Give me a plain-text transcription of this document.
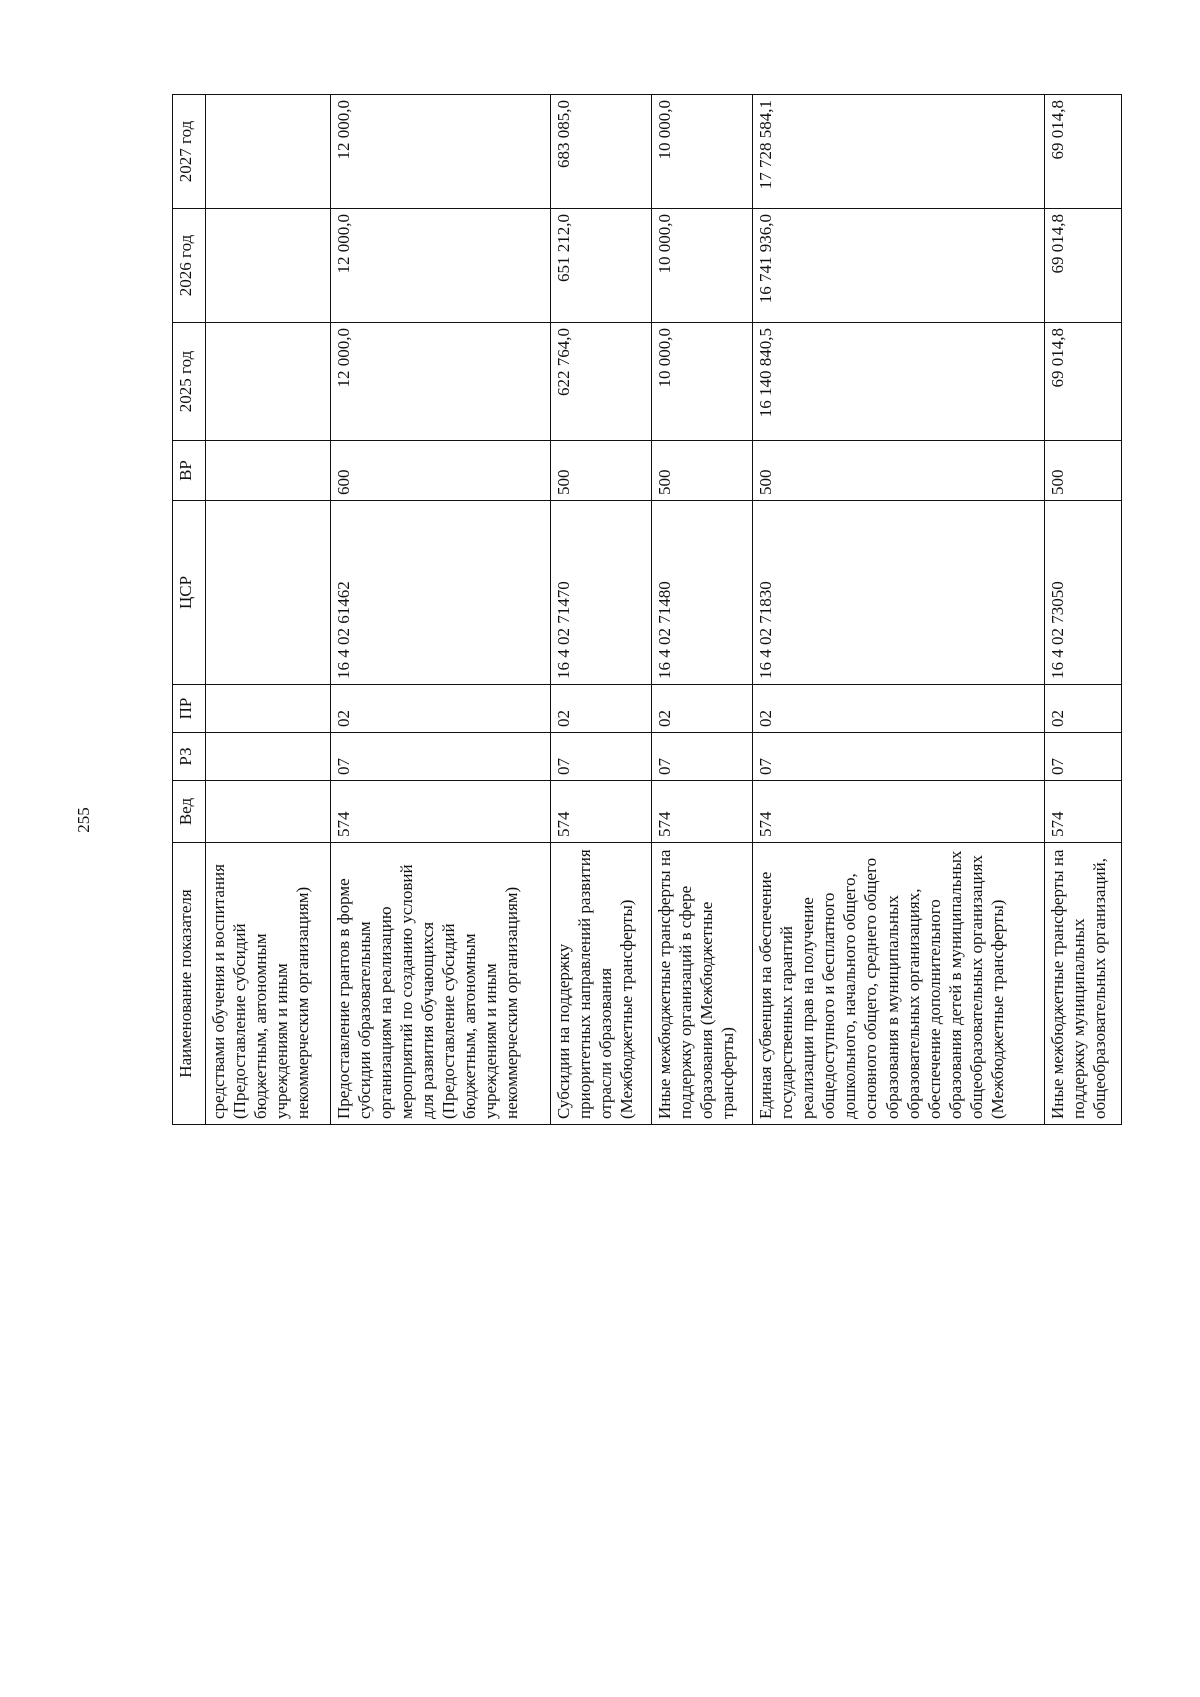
255
Наименование показателя	Вед	РЗ	ПР	ЦСР	ВР	2025 год	2026 год	2027 год
средствами обучения и воспитания (Предоставление субсидий бюджетным, автономным учреждениям и иным некоммерческим организациям)								
Предоставление грантов в форме субсидии образовательным организациям на реализацию мероприятий по созданию условий для развития обучающихся (Предоставление субсидий бюджетным, автономным учреждениям и иным некоммерческим организациям)	574	07	02	16 4 02 61462	600	12 000,0	12 000,0	12 000,0
Субсидии на поддержку приоритетных направлений развития отрасли образования (Межбюджетные трансферты)	574	07	02	16 4 02 71470	500	622 764,0	651 212,0	683 085,0
Иные межбюджетные трансферты на поддержку организаций в сфере образования (Межбюджетные трансферты)	574	07	02	16 4 02 71480	500	10 000,0	10 000,0	10 000,0
Единая субвенция на обеспечение государственных гарантий реализации прав на получение общедоступного и бесплатного дошкольного, начального общего, основного общего, среднего общего образования в муниципальных образовательных организациях, обеспечение дополнительного образования детей в муниципальных общеобразовательных организациях (Межбюджетные трансферты)	574	07	02	16 4 02 71830	500	16 140 840,5	16 741 936,0	17 728 584,1
Иные межбюджетные трансферты на поддержку муниципальных общеобразовательных организаций,	574	07	02	16 4 02 73050	500	69 014,8	69 014,8	69 014,8
